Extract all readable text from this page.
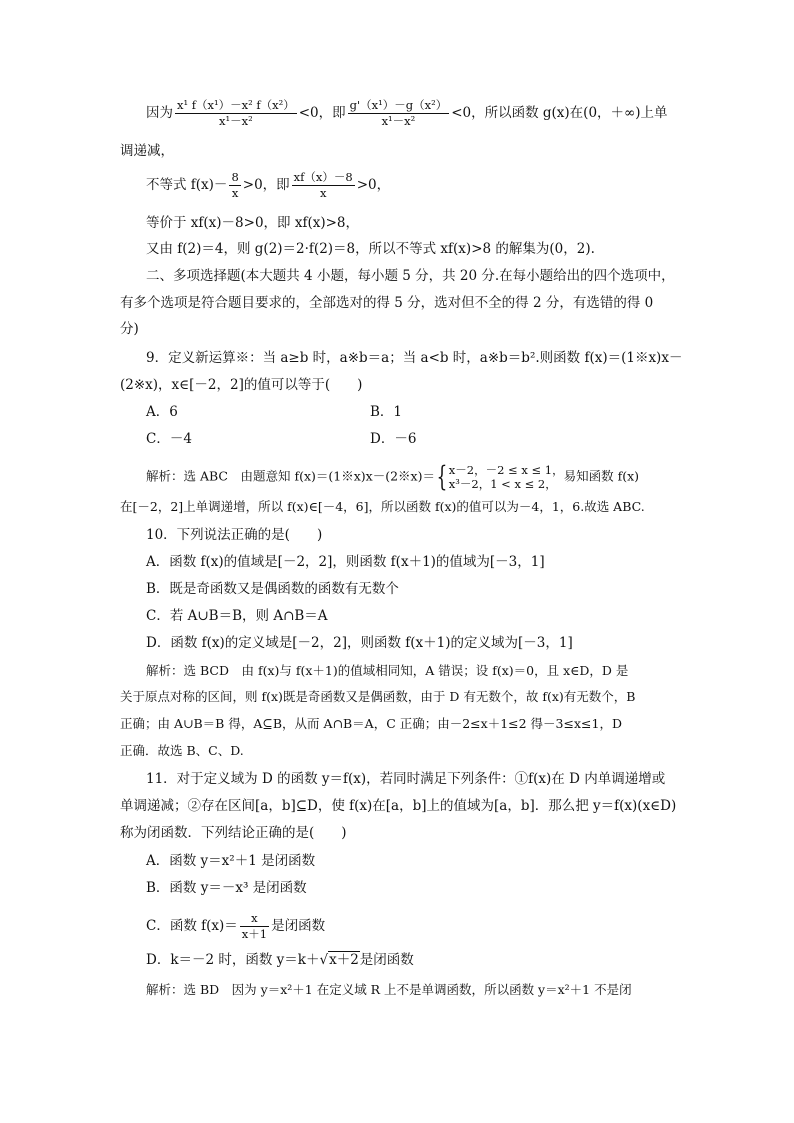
因为 $\frac{\text{x¹ f（x¹）－x² f（x²）}}{\text{x¹－x²}} <0$，即 $\frac{\text{g'（x¹）－g（x²）}}{\text{x¹－x²}} <0$，所以函数 g(x)在(0，＋∞)上单
调递减，
不等式 $f(x)- \frac{8}{x} >0$，即 $\frac{xf(x)-8}{x} >0$，
等价于 xf(x)－8>0，即 xf(x)>8，
又由 f(2)＝4，则 g(2)＝2·f(2)＝8，所以不等式 xf(x)>8 的解集为(0，2).
二、多项选择题(本大题共 4 小题，每小题 5 分，共 20 分.在每小题给出的四个选项中，
有多个选项是符合题目要求的，全部选对的得 5 分，选对但不全的得 2 分，有选错的得 0
分)
9．定义新运算※：当 a≥b 时，a※b＝a；当 a<b 时，a※b＝b².则函数 f(x)＝(1※x)x－
(2※x)，x∈[－2，2]的值可以等于(　　)
A．6	B．1
C．－4	D．－6
解析：选 ABC　由题意知 f(x)＝(1※x)x－(2※x)＝{ x－2，－2 ≤ x ≤ 1，
x³－2，1 < x ≤ 2，
易知函数 f(x)
在[－2，2]上单调递增，所以 f(x)∈[－4，6]，所以函数 f(x)的值可以为－4，1，6.故选 ABC.
10．下列说法正确的是(　　)
A．函数 f(x)的值域是[－2，2]，则函数 f(x＋1)的值域为[－3，1]
B．既是奇函数又是偶函数的函数有无数个
C．若 A∪B＝B，则 A∩B＝A
D．函数 f(x)的定义域是[－2，2]，则函数 f(x＋1)的定义域为[－3，1]
解析：选 BCD　由 f(x)与 f(x＋1)的值域相同知，A 错误；设 f(x)＝0，且 x∈D，D 是
关于原点对称的区间，则 f(x)既是奇函数又是偶函数，由于 D 有无数个，故 f(x)有无数个，B
正确；由 A∪B＝B 得，A⊆B，从而 A∩B＝A，C 正确；由－2≤x＋1≤2 得－3≤x≤1，D
正确．故选 B、C、D.
11．对于定义域为 D 的函数 y＝f(x)，若同时满足下列条件：①f(x)在 D 内单调递增或
单调递减；②存在区间[a，b]⊆D，使 f(x)在[a，b]上的值域为[a，b]．那么把 y＝f(x)(x∈D)
称为闭函数．下列结论正确的是(　　)
A．函数 y＝x²＋1 是闭函数
B．函数 y＝－x³ 是闭函数
C．函数 $f(x)= \frac{x}{x+1}$ 是闭函数
D．k＝－2 时，函数 y＝k＋√x＋2是闭函数
解析：选 BD　因为 y＝x²＋1 在定义域 R 上不是单调函数，所以函数 y＝x²＋1 不是闭
